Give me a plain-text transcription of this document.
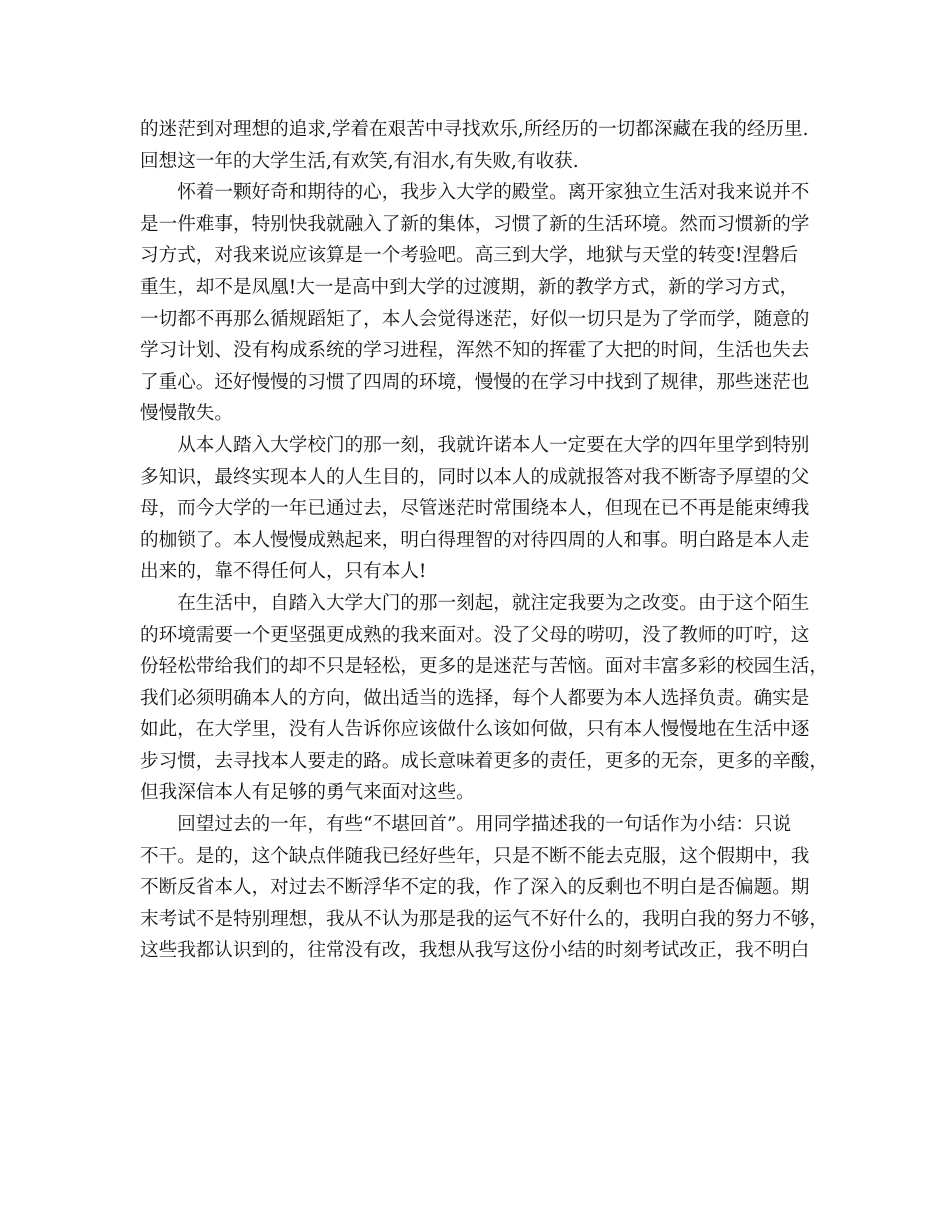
的迷茫到对理想的追求,学着在艰苦中寻找欢乐,所经历的一切都深藏在我的经历里.
回想这一年的大学生活,有欢笑,有泪水,有失败,有收获.
　　怀着一颗好奇和期待的心，我步入大学的殿堂。离开家独立生活对我来说并不
是一件难事，特别快我就融入了新的集体，习惯了新的生活环境。然而习惯新的学
习方式，对我来说应该算是一个考验吧。高三到大学，地狱与天堂的转变!涅磐后
重生，却不是凤凰!大一是高中到大学的过渡期，新的教学方式，新的学习方式，
一切都不再那么循规蹈矩了，本人会觉得迷茫，好似一切只是为了学而学，随意的
学习计划、没有构成系统的学习进程，浑然不知的挥霍了大把的时间，生活也失去
了重心。还好慢慢的习惯了四周的环境，慢慢的在学习中找到了规律，那些迷茫也
慢慢散失。
　　从本人踏入大学校门的那一刻，我就许诺本人一定要在大学的四年里学到特别
多知识，最终实现本人的人生目的，同时以本人的成就报答对我不断寄予厚望的父
母，而今大学的一年已通过去，尽管迷茫时常围绕本人，但现在已不再是能束缚我
的枷锁了。本人慢慢成熟起来，明白得理智的对待四周的人和事。明白路是本人走
出来的，靠不得任何人，只有本人!
　　在生活中，自踏入大学大门的那一刻起，就注定我要为之改变。由于这个陌生
的环境需要一个更坚强更成熟的我来面对。没了父母的唠叨，没了教师的叮咛，这
份轻松带给我们的却不只是轻松，更多的是迷茫与苦恼。面对丰富多彩的校园生活，
我们必须明确本人的方向，做出适当的选择，每个人都要为本人选择负责。确实是
如此，在大学里，没有人告诉你应该做什么该如何做，只有本人慢慢地在生活中逐
步习惯，去寻找本人要走的路。成长意味着更多的责任，更多的无奈，更多的辛酸，
但我深信本人有足够的勇气来面对这些。
　　回望过去的一年，有些“不堪回首”。用同学描述我的一句话作为小结：只说
不干。是的，这个缺点伴随我已经好些年，只是不断不能去克服，这个假期中，我
不断反省本人，对过去不断浮华不定的我，作了深入的反剩也不明白是否偏题。期
末考试不是特别理想，我从不认为那是我的运气不好什么的，我明白我的努力不够，
这些我都认识到的，往常没有改，我想从我写这份小结的时刻考试改正，我不明白
